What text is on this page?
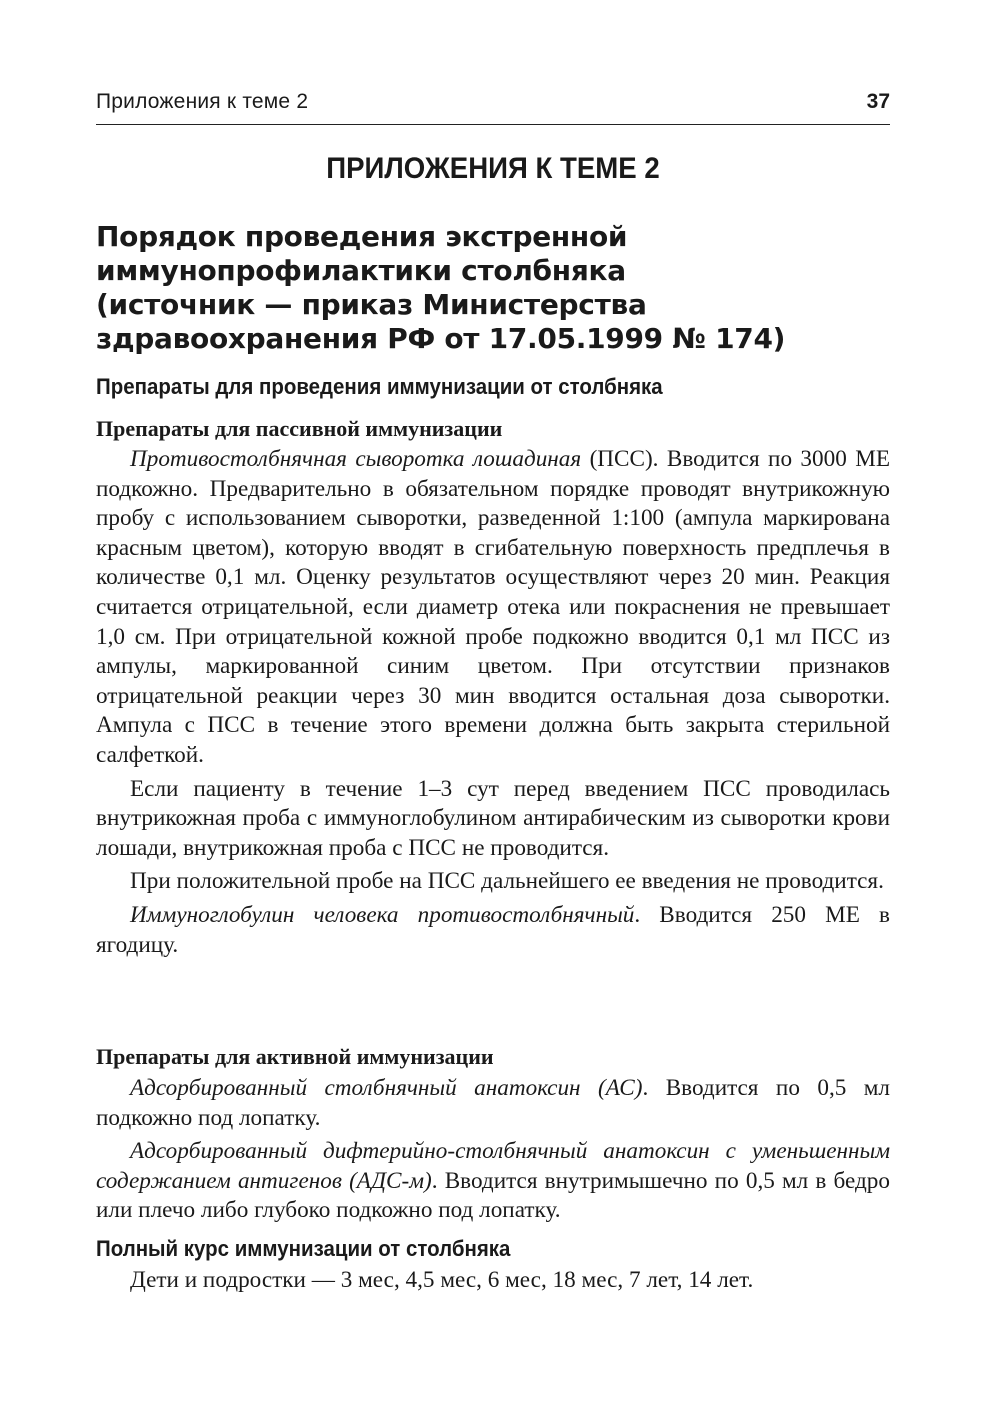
Приложения к теме 2	37
ПРИЛОЖЕНИЯ К ТЕМЕ 2
Порядок проведения экстренной
иммунопрофилактики столбняка
(источник — приказ Министерства
здравоохранения РФ от 17.05.1999 № 174)
Препараты для проведения иммунизации от столбняка
Препараты для пассивной иммунизации

Противостолбнячная сыворотка лошадиная (ПСС). Вводится по 3000 МЕ подкожно. Предварительно в обязательном порядке проводят внутрикожную пробу с использованием сыворотки, разведенной 1:100 (ампула маркирована красным цветом), которую вводят в сгибательную поверхность предплечья в количестве 0,1 мл. Оценку результатов осуществляют через 20 мин. Реакция считается отрицательной, если диаметр отека или покраснения не превышает 1,0 см. При отрицательной кожной пробе подкожно вводится 0,1 мл ПСС из ампулы, маркированной синим цветом. При отсутствии признаков отрицательной реакции через 30 мин вводится остальная доза сыворотки. Ампула с ПСС в течение этого времени должна быть закрыта стерильной салфеткой.

Если пациенту в течение 1–3 сут перед введением ПСС проводилась внутрикожная проба с иммуноглобулином антирабическим из сыворотки крови лошади, внутрикожная проба с ПСС не проводится.

При положительной пробе на ПСС дальнейшего ее введения не проводится.

Иммуноглобулин человека противостолбнячный. Вводится 250 МЕ в ягодицу.

Препараты для активной иммунизации

Адсорбированный столбнячный анатоксин (АС). Вводится по 0,5 мл подкожно под лопатку.

Адсорбированный дифтерийно-столбнячный анатоксин с уменьшенным содержанием антигенов (АДС-м). Вводится внутримышечно по 0,5 мл в бедро или плечо либо глубоко подкожно под лопатку.

Полный курс иммунизации от столбняка

Дети и подростки — 3 мес, 4,5 мес, 6 мес, 18 мес, 7 лет, 14 лет.
